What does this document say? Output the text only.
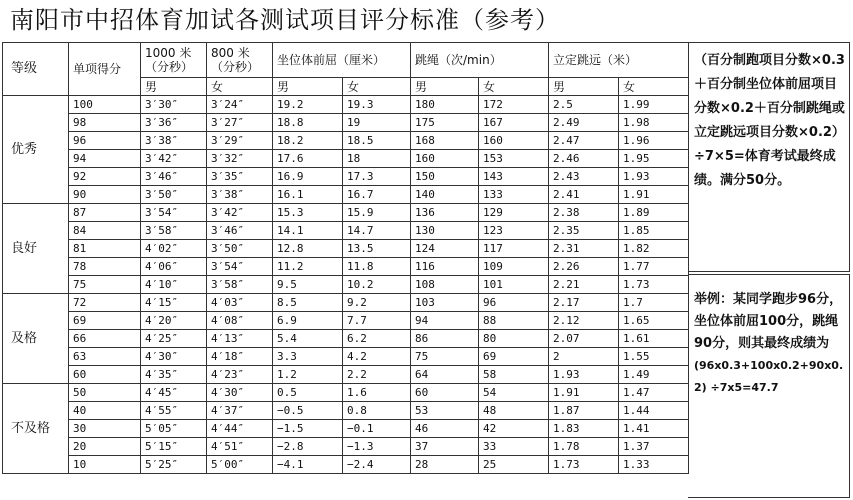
南阳市中招体育加试各测试项目评分标准（参考）
等级	单项得分	1000 米（分秒）	800 米（分秒）	坐位体前屈（厘米）		跳绳（次/min）		立定跳远（米）	
		男	女	男	女	男	女	男	女
优秀	100	3′30″	3′24″	19.2	19.3	180	172	2.5	1.99
	98	3′36″	3′27″	18.8	19	175	167	2.49	1.98
	96	3′38″	3′29″	18.2	18.5	168	160	2.47	1.96
	94	3′42″	3′32″	17.6	18	160	153	2.46	1.95
	92	3′46″	3′35″	16.9	17.3	150	143	2.43	1.93
	90	3′50″	3′38″	16.1	16.7	140	133	2.41	1.91
良好	87	3′54″	3′42″	15.3	15.9	136	129	2.38	1.89
	84	3′58″	3′46″	14.1	14.7	130	123	2.35	1.85
	81	4′02″	3′50″	12.8	13.5	124	117	2.31	1.82
	78	4′06″	3′54″	11.2	11.8	116	109	2.26	1.77
	75	4′10″	3′58″	9.5	10.2	108	101	2.21	1.73
及格	72	4′15″	4′03″	8.5	9.2	103	96	2.17	1.7
	69	4′20″	4′08″	6.9	7.7	94	88	2.12	1.65
	66	4′25″	4′13″	5.4	6.2	86	80	2.07	1.61
	63	4′30″	4′18″	3.3	4.2	75	69	2	1.55
	60	4′35″	4′23″	1.2	2.2	64	58	1.93	1.49
不及格	50	4′45″	4′30″	0.5	1.6	60	54	1.91	1.47
	40	4′55″	4′37″	−0.5	0.8	53	48	1.87	1.44
	30	5′05″	4′44″	−1.5	−0.1	46	42	1.83	1.41
	20	5′15″	4′51″	−2.8	−1.3	37	33	1.78	1.37
	10	5′25″	5′00″	−4.1	−2.4	28	25	1.73	1.33
（百分制跑项目分数×0.3＋百分制坐位体前屈项目分数×0.2＋百分制跳绳或立定跳远项目分数×0.2）÷7×5=体育考试最终成绩。满分50分。
举例：某同学跑步96分，坐位体前屈100分，跳绳90分，则其最终成绩为
(96x0.3+100x0.2+90x0.2) ÷7x5=47.7
